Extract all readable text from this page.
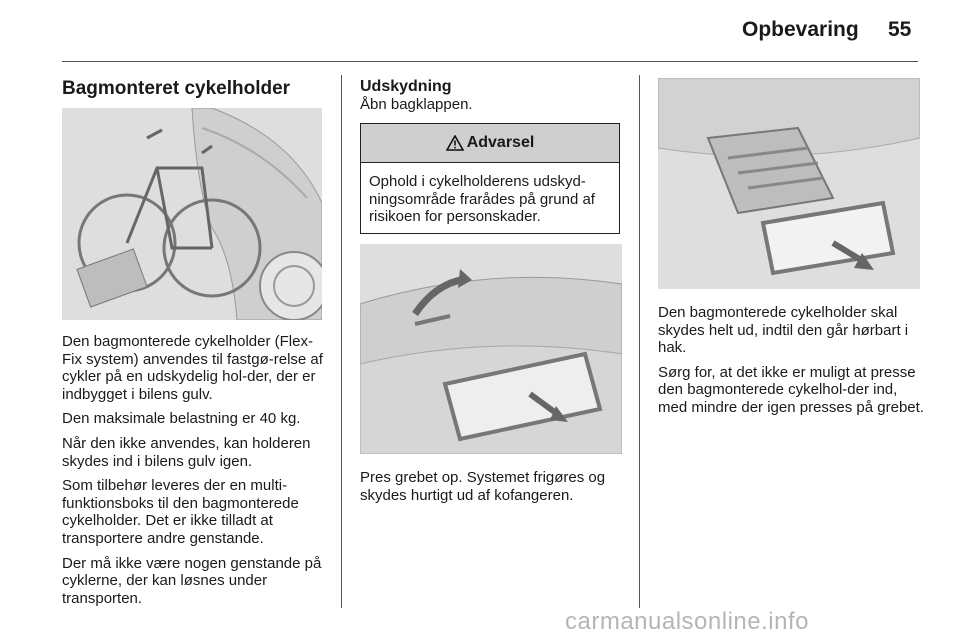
Opbevaring 55
Bagmonteret cykelholder

Den bagmonterede cykelholder (Flex-Fix system) anvendes til fastgø-relse af cykler på en udskydelig hol-der, der er indbygget i bilens gulv.

Den maksimale belastning er 40 kg.

Når den ikke anvendes, kan holderen skydes ind i bilens gulv igen.

Som tilbehør leveres der en multi-funktionsboks til den bagmonterede cykelholder. Det er ikke tilladt at transportere andre genstande.

Der må ikke være nogen genstande på cyklerne, der kan løsnes under transporten.

Udskydning
Åbn bagklappen.
Advarsel
Ophold i cykelholderens udskyd-ningsområde frarådes på grund af risikoen for personskader.

Pres grebet op. Systemet frigøres og skydes hurtigt ud af kofangeren.

Den bagmonterede cykelholder skal skydes helt ud, indtil den går hørbart i hak.

Sørg for, at det ikke er muligt at presse den bagmonterede cykelhol-der ind, med mindre der igen presses på grebet.

carmanualsonline.info
